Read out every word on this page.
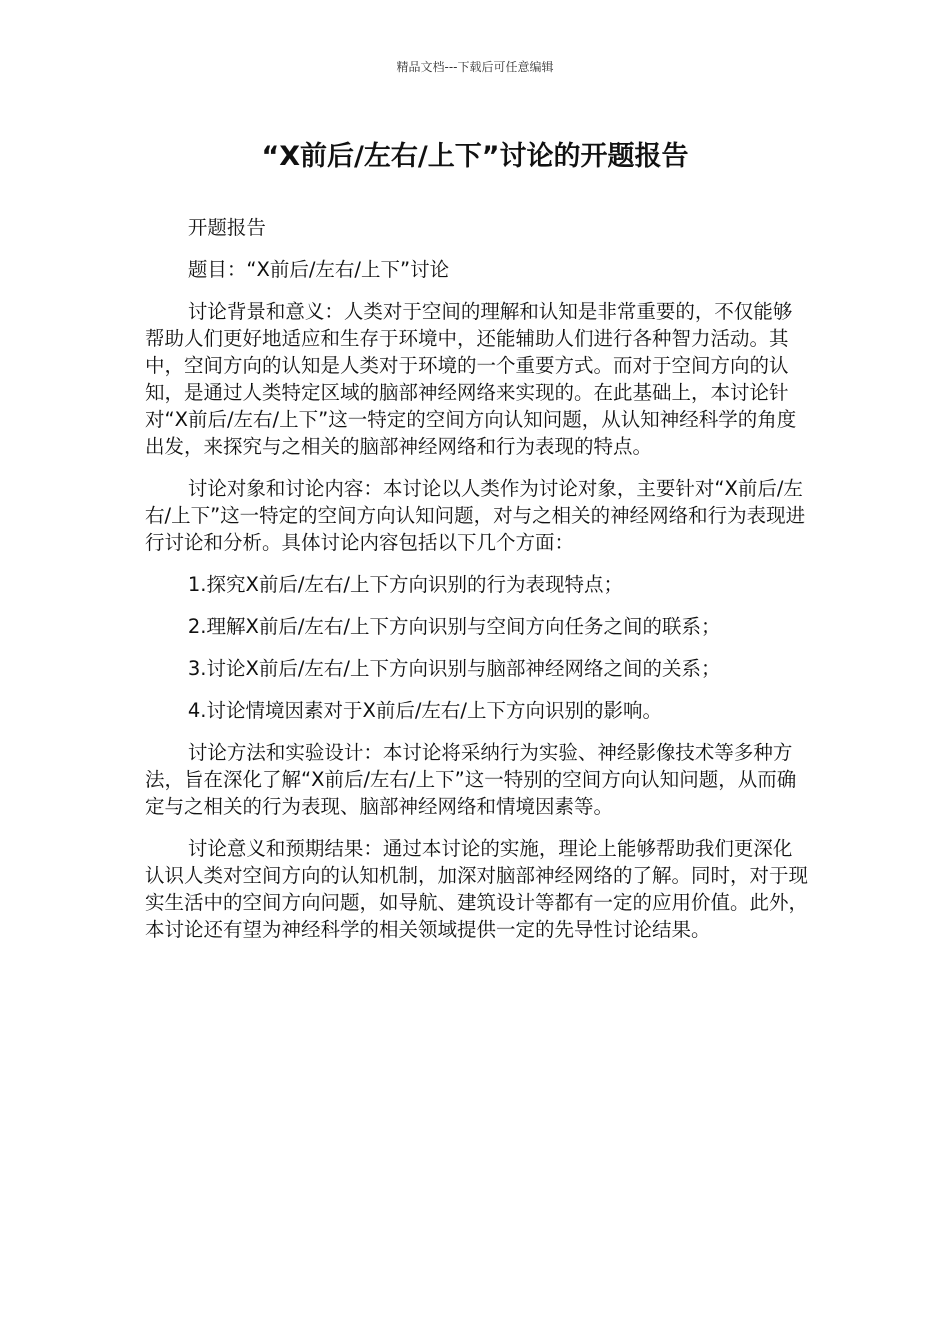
精品文档---下载后可任意编辑
“X前后/左右/上下”讨论的开题报告

开题报告

题目：“X前后/左右/上下”讨论

讨论背景和意义：人类对于空间的理解和认知是非常重要的，不仅能够帮助人们更好地适应和生存于环境中，还能辅助人们进行各种智力活动。其中，空间方向的认知是人类对于环境的一个重要方式。而对于空间方向的认知，是通过人类特定区域的脑部神经网络来实现的。在此基础上，本讨论针对“X前后/左右/上下”这一特定的空间方向认知问题，从认知神经科学的角度出发，来探究与之相关的脑部神经网络和行为表现的特点。

讨论对象和讨论内容：本讨论以人类作为讨论对象，主要针对“X前后/左右/上下”这一特定的空间方向认知问题，对与之相关的神经网络和行为表现进行讨论和分析。具体讨论内容包括以下几个方面：

1.探究X前后/左右/上下方向识别的行为表现特点；

2.理解X前后/左右/上下方向识别与空间方向任务之间的联系；

3.讨论X前后/左右/上下方向识别与脑部神经网络之间的关系；

4.讨论情境因素对于X前后/左右/上下方向识别的影响。

讨论方法和实验设计：本讨论将采纳行为实验、神经影像技术等多种方法，旨在深化了解“X前后/左右/上下”这一特别的空间方向认知问题，从而确定与之相关的行为表现、脑部神经网络和情境因素等。

讨论意义和预期结果：通过本讨论的实施，理论上能够帮助我们更深化认识人类对空间方向的认知机制，加深对脑部神经网络的了解。同时，对于现实生活中的空间方向问题，如导航、建筑设计等都有一定的应用价值。此外，本讨论还有望为神经科学的相关领域提供一定的先导性讨论结果。
